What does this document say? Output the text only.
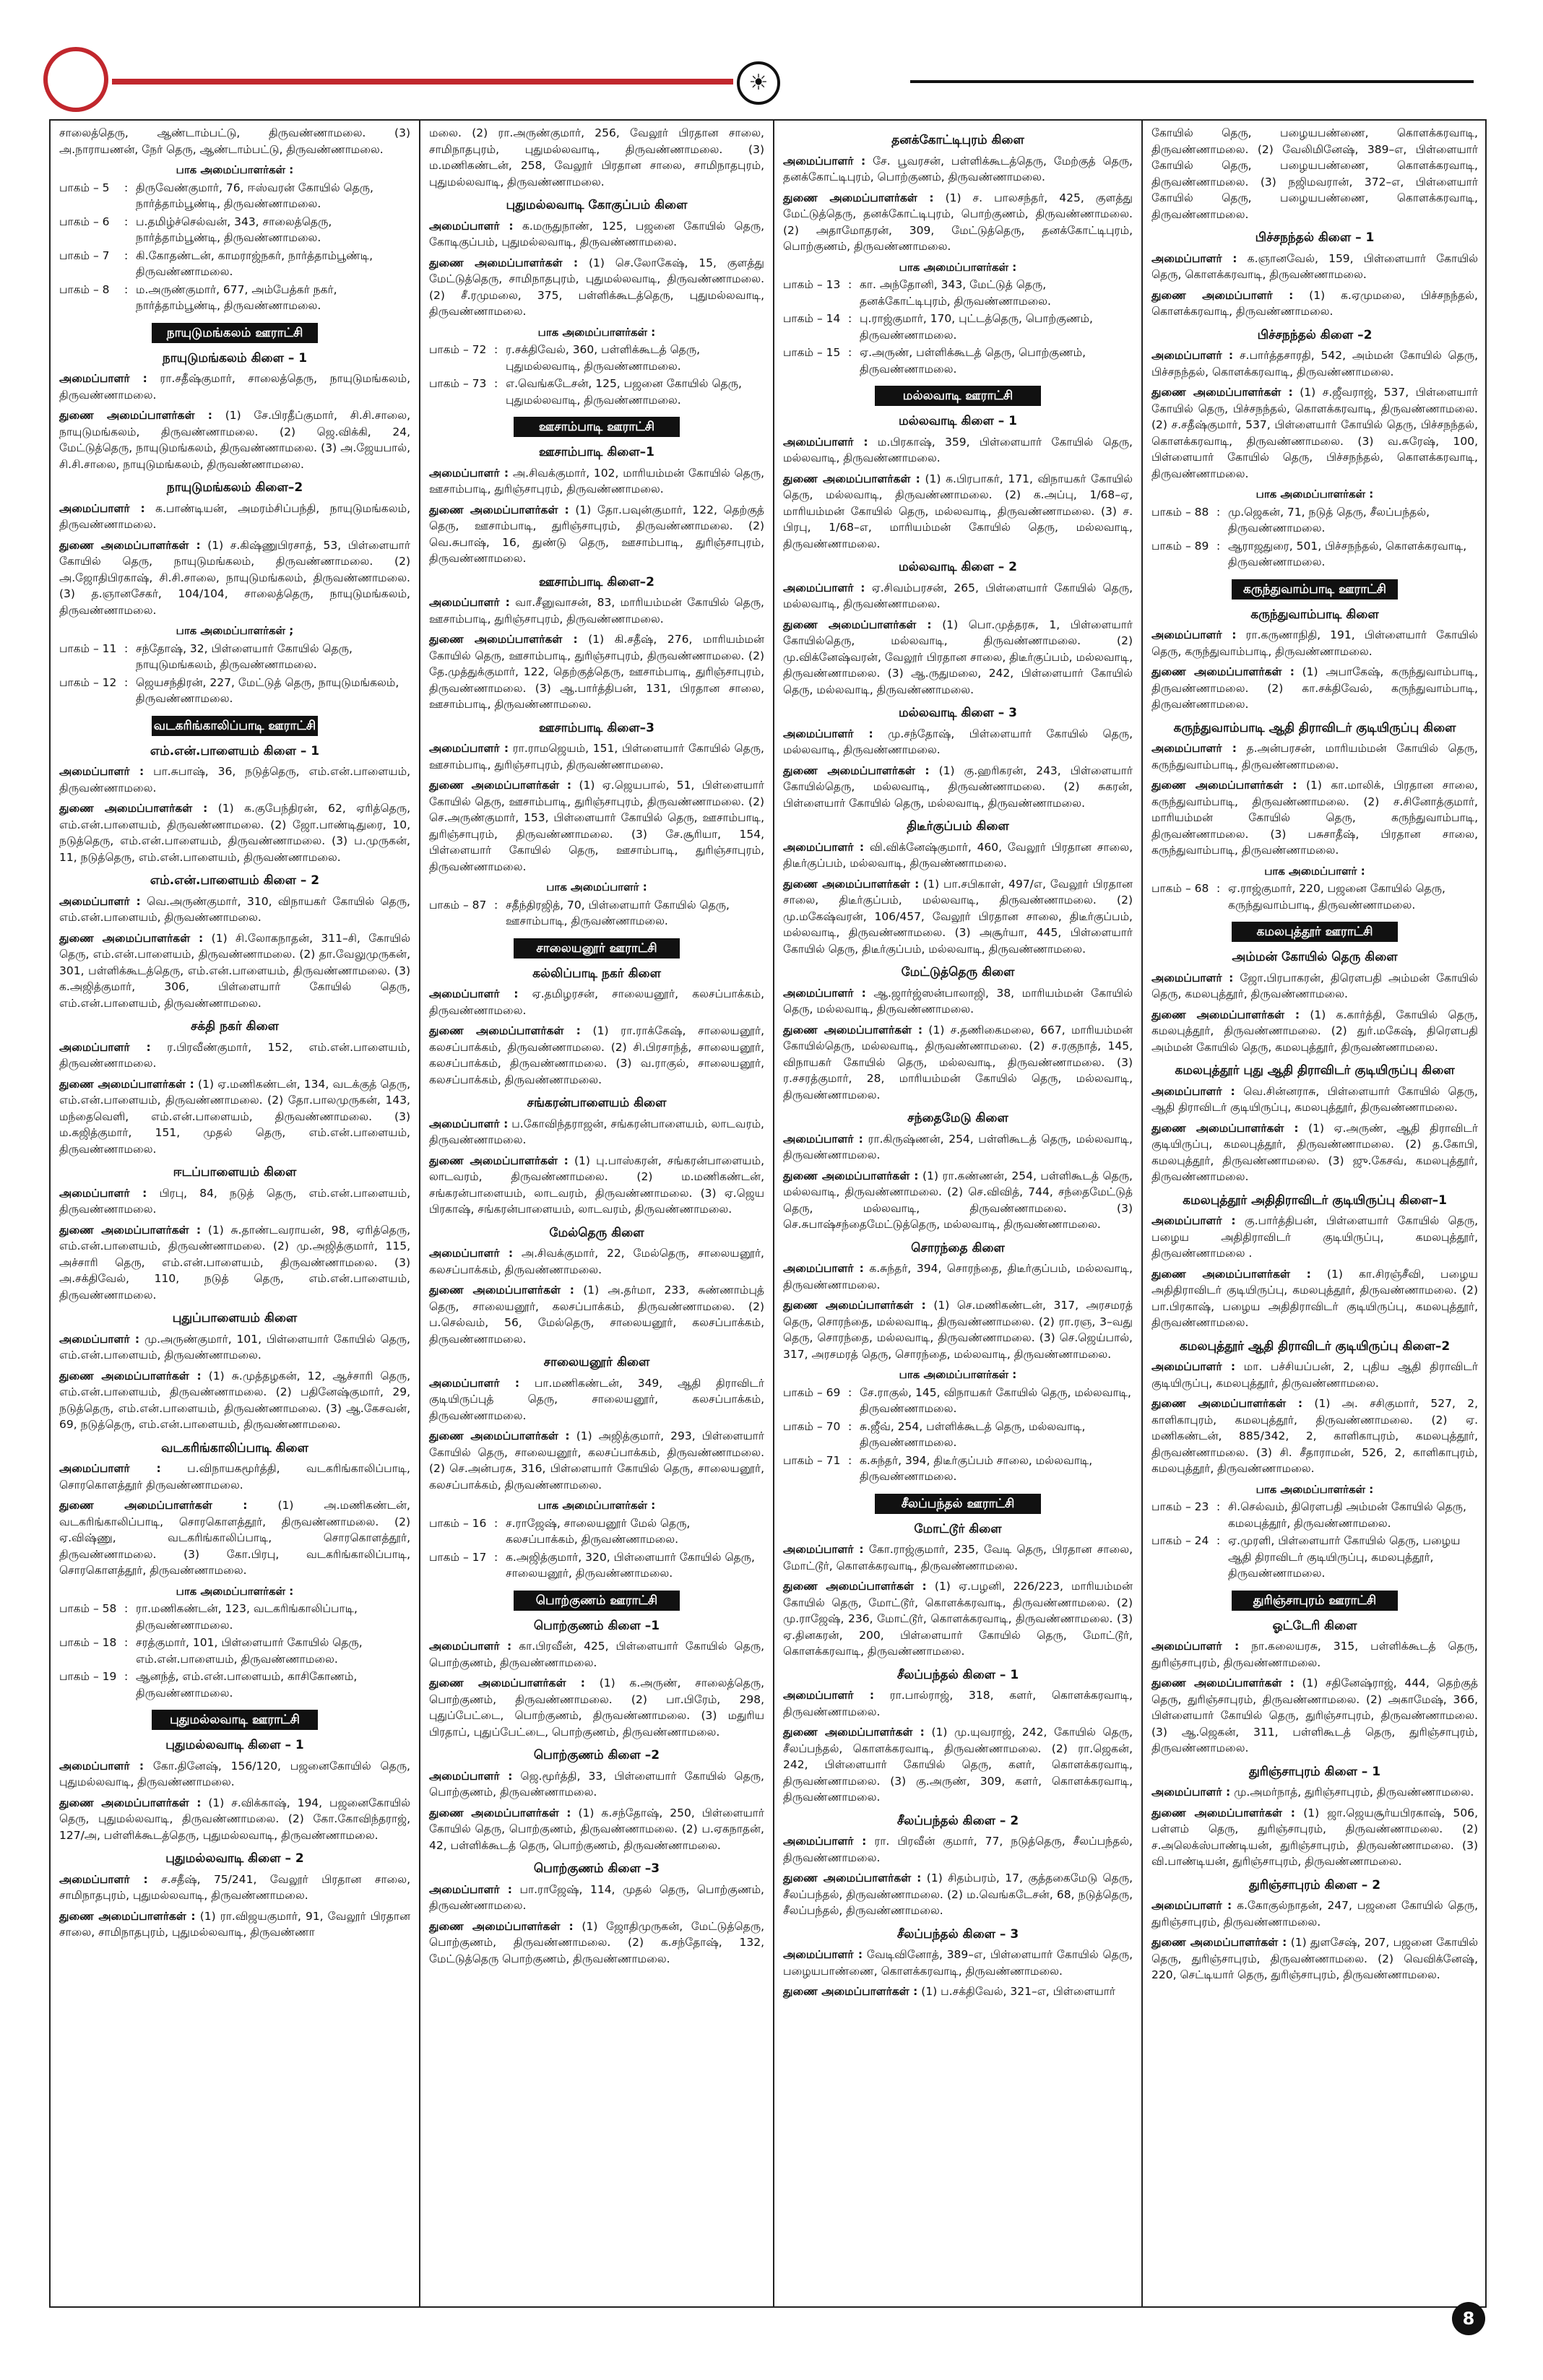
☀
சாலைத்தெரு, ஆண்டாம்பட்டு, திருவண்ணாமலை. (3) அ.நாராயணன், நேர் தெரு, ஆண்டாம்பட்டு, திருவண்ணாமலை.
பாக அமைப்பாளர்கள் :
பாகம் – 5	: திருவேண்குமார், 76, ஈஸ்வரன் கோயில் தெரு, நார்த்தாம்பூண்டி, திருவண்ணாமலை.
பாகம் – 6	: ப.தமிழ்ச்செல்வன், 343, சாலைத்தெரு, நார்த்தாம்பூண்டி, திருவண்ணாமலை.
பாகம் – 7	: கி.கோதண்டன், காமராஜ்நகர், நார்த்தாம்பூண்டி, திருவண்ணாமலை.
பாகம் – 8	: ம.அருண்குமார், 677, அம்பேத்கர் நகர், நார்த்தாம்பூண்டி, திருவண்ணாமலை.
நாயுடுமங்கலம் ஊராட்சி
நாயுடுமங்கலம் கிளை – 1
அமைப்பாளர் : ரா.சதீஷ்குமார், சாலைத்தெரு, நாயுடுமங்கலம், திருவண்ணாமலை.
துணை அமைப்பாளர்கள் : (1) சே.பிரதீப்குமார், சி.சி.சாலை, நாயுடுமங்கலம், திருவண்ணாமலை. (2) ஜெ.விக்கி, 24, மேட்டுத்தெரு, நாயுடுமங்கலம், திருவண்ணாமலை. (3) அ.ஜேயபால், சி.சி.சாலை, நாயுடுமங்கலம், திருவண்ணாமலை.
நாயுடுமங்கலம் கிளை–2
அமைப்பாளர் : க.பாண்டியன், அமரம்சிப்பந்தி, நாயுடுமங்கலம், திருவண்ணாமலை.
துணை அமைப்பாளர்கள் : (1) ச.கிஷ்ணுபிரசாத், 53, பிள்ளையார் கோயில் தெரு, நாயுடுமங்கலம், திருவண்ணாமலை. (2) அ.ஜோதிபிரகாஷ், சி.சி.சாலை, நாயுடுமங்கலம், திருவண்ணாமலை. (3) த.ஞானசேகர், 104/104, சாலைத்தெரு, நாயுடுமங்கலம், திருவண்ணாமலை.
பாக அமைப்பாளர்கள் ;
பாகம் – 11 : சந்தோஷ், 32, பிள்ளையார் கோயில் தெரு, நாயுடுமங்கலம், திருவண்ணாமலை.
பாகம் – 12 : ஜெயசந்திரன், 227, மேட்டுத் தெரு, நாயுடுமங்கலம், திருவண்ணாமலை.
வடகரிங்காலிப்பாடி ஊராட்சி
எம்.என்.பாளையம் கிளை – 1
அமைப்பாளர் : பா.சுபாஷ், 36, நடுத்தெரு, எம்.என்.பாளையம், திருவண்ணாமலை.
துணை அமைப்பாளர்கள் : (1) க.குபேந்திரன், 62, ஏரித்தெரு, எம்.என்.பாளையம், திருவண்ணாமலை. (2) ஜோ.பாண்டிதுரை, 10, நடுத்தெரு, எம்.என்.பாளையம், திருவண்ணாமலை. (3) ப.முருகன், 11, நடுத்தெரு, எம்.என்.பாளையம், திருவண்ணாமலை.
எம்.என்.பாளையம் கிளை – 2
அமைப்பாளர் : வெ.அருண்குமார், 310, விநாயகர் கோயில் தெரு, எம்.என்.பாளையம், திருவண்ணாமலை.
துணை அமைப்பாளர்கள் : (1) சி.லோகநாதன், 311–சி, கோயில் தெரு, எம்.என்.பாளையம், திருவண்ணாமலை. (2) தா.வேலுமுருகன், 301, பள்ளிக்கூடத்தெரு, எம்.என்.பாளையம், திருவண்ணாமலை. (3) க.அஜித்குமார், 306, பிள்ளையார் கோயில் தெரு, எம்.என்.பாளையம், திருவண்ணாமலை.
சக்தி நகர் கிளை
அமைப்பாளர் : ர.பிரவீண்குமார், 152, எம்.என்.பாளையம், திருவண்ணாமலை.
துணை அமைப்பாளர்கள் : (1) ஏ.மணிகண்டன், 134, வடக்குத் தெரு, எம்.என்.பாளையம், திருவண்ணாமலை. (2) தோ.பாலமுருகன், 143, மந்தைவெளி, எம்.என்.பாளையம், திருவண்ணாமலை. (3) ம.கஜித்குமார், 151, முதல் தெரு, எம்.என்.பாளையம், திருவண்ணாமலை.
ஈடப்பாளையம் கிளை
அமைப்பாளர் : பிரபு, 84, நடுத் தெரு, எம்.என்.பாளையம், திருவண்ணாமலை.
துணை அமைப்பாளர்கள் : (1) சு.தாண்டவராயன், 98, ஏரித்தெரு, எம்.என்.பாளையம், திருவண்ணாமலை. (2) மு.அஜித்குமார், 115, அச்சாரி தெரு, எம்.என்.பாளையம், திருவண்ணாமலை. (3) அ.சக்திவேல், 110, நடுத் தெரு, எம்.என்.பாளையம், திருவண்ணாமலை.
புதுப்பாளையம் கிளை
அமைப்பாளர் : மு.அருண்குமார், 101, பிள்ளையார் கோயில் தெரு, எம்.என்.பாளையம், திருவண்ணாமலை.
துணை அமைப்பாளர்கள் : (1) சு.முத்தழகன், 12, ஆச்சாரி தெரு, எம்.என்.பாளையம், திருவண்ணாமலை. (2) பதினேஷ்குமார், 29, நடுத்தெரு, எம்.என்.பாளையம், திருவண்ணாமலை. (3) ஆ.கேசவன், 69, நடுத்தெரு, எம்.என்.பாளையம், திருவண்ணாமலை.
வடகரிங்காலிப்பாடி கிளை
அமைப்பாளர் : ப.விநாயகமூர்த்தி, வடகரிங்காலிப்பாடி, சொரகொளத்தூர் திருவண்ணாமலை.
துணை அமைப்பாளர்கள் :	(1) அ.மணிகண்டன், வடகரிங்காலிப்பாடி, சொரகொளத்தூர், திருவண்ணாமலை. (2) ஏ.விஷ்ணு, வடகரிங்காலிப்பாடி, சொரகொளத்தூர், திருவண்ணாமலை. (3) கோ.பிரபு, வடகரிங்காலிப்பாடி, சொரகொளத்தூர், திருவண்ணாமலை.
பாக அமைப்பாளர்கள் :
பாகம் – 58 : ரா.மணிகண்டன், 123, வடகரிங்காலிப்பாடி, திருவண்ணாமலை.
பாகம் – 18 : சரத்குமார், 101, பிள்ளையார் கோயில் தெரு, எம்.என்.பாளையம், திருவண்ணாமலை.
பாகம் – 19 : ஆனந்த், எம்.என்.பாளையம், காசிகோணம், திருவண்ணாமலை.
புதுமல்லவாடி ஊராட்சி
புதுமல்லவாடி கிளை – 1
அமைப்பாளர் : கோ.தினேஷ், 156/120, பஜனைகோயில் தெரு, புதுமல்லவாடி, திருவண்ணாமலை.
துணை அமைப்பாளர்கள் : (1) ச.விக்காஷ், 194, பஜனைகோயில் தெரு, புதுமல்லவாடி, திருவண்ணாமலை. (2) கோ.கோவிந்தராஜ், 127/அ, பள்ளிக்கூடத்தெரு, புதுமல்லவாடி, திருவண்ணாமலை.
புதுமல்லவாடி கிளை – 2
அமைப்பாளர் : ச.சதீஷ், 75/241, வேலூர் பிரதான சாலை, சாமிநாதபுரம், புதுமல்லவாடி, திருவண்ணாமலை.
துணை அமைப்பாளர்கள் : (1) ரா.விஜயகுமார், 91, வேலூர் பிரதான சாலை, சாமிநாதபுரம், புதுமல்லவாடி, திருவண்ணா
மலை. (2) ரா.அருண்குமார், 256, வேலூர் பிரதான சாலை, சாமிநாதபுரம், புதுமல்லவாடி, திருவண்ணாமலை. (3) ம.மணிகண்டன், 258, வேலூர் பிரதான சாலை, சாமிநாதபுரம், புதுமல்லவாடி, திருவண்ணாமலை.
புதுமல்லவாடி கோகுப்பம் கிளை
அமைப்பாளர் : க.மருதுநாண், 125, பஜனை கோயில் தெரு, கோடிகுப்பம், புதுமல்லவாடி, திருவண்ணாமலை.
துணை அமைப்பாளர்கள் : (1) செ.லோகேஷ், 15, குளத்து மேட்டுத்தெரு, சாமிநாதபுரம், புதுமல்லவாடி, திருவண்ணாமலை. (2) சீ.ரமுமலை, 375, பள்ளிக்கூடத்தெரு, புதுமல்லவாடி, திருவண்ணாமலை.
பாக அமைப்பாளர்கள் :
பாகம் – 72 : ர.சக்திவேல், 360, பள்ளிக்கூடத் தெரு, புதுமல்லவாடி, திருவண்ணாமலை.
பாகம் – 73 : எ.வெங்கடேசன், 125, பஜனை கோயில் தெரு, புதுமல்லவாடி, திருவண்ணாமலை.
ஊசாம்பாடி ஊராட்சி
ஊசாம்பாடி கிளை–1
அமைப்பாளர் : அ.சிவக்குமார், 102, மாரியம்மன் கோயில் தெரு, ஊசாம்பாடி, துரிஞ்சாபுரம், திருவண்ணாமலை.
துணை அமைப்பாளர்கள் : (1) தோ.பவுன்குமார், 122, தெற்குத் தெரு, ஊசாம்பாடி, துரிஞ்சாபுரம், திருவண்ணாமலை. (2) வெ.சுபாஷ், 16, துண்டு தெரு, ஊசாம்பாடி, துரிஞ்சாபுரம், திருவண்ணாமலை.
ஊசாம்பாடி கிளை–2
அமைப்பாளர் : வா.சீனுவாசன், 83, மாரியம்மன் கோயில் தெரு, ஊசாம்பாடி, துரிஞ்சாபுரம், திருவண்ணாமலை.
துணை அமைப்பாளர்கள் : (1) கி.சதீஷ், 276, மாரியம்மன் கோயில் தெரு, ஊசாம்பாடி, துரிஞ்சாபுரம், திருவண்ணாமலை. (2) தே.முத்துக்குமார், 122, தெற்குத்தெரு, ஊசாம்பாடி, துரிஞ்சாபுரம், திருவண்ணாமலை. (3) ஆ.பார்த்திபன், 131, பிரதான சாலை, ஊசாம்பாடி, திருவண்ணாமலை.
ஊசாம்பாடி கிளை–3
அமைப்பாளர் : ரா.ராமஜெயம், 151, பிள்ளையார் கோயில் தெரு, ஊசாம்பாடி, துரிஞ்சாபுரம், திருவண்ணாமலை.
துணை அமைப்பாளர்கள் : (1) ஏ.ஜெயபால், 51, பிள்ளையார் கோயில் தெரு, ஊசாம்பாடி, துரிஞ்சாபுரம், திருவண்ணாமலை. (2) செ.அருண்குமார், 153, பிள்ளையார் கோயில் தெரு, ஊசாம்பாடி, துரிஞ்சாபுரம், திருவண்ணாமலை. (3) சே.சூரியா, 154, பிள்ளையார் கோயில் தெரு, ஊசாம்பாடி, துரிஞ்சாபுரம், திருவண்ணாமலை.
பாக அமைப்பாளர் :
பாகம் – 87 : சதீந்திரஜித், 70, பிள்ளையார் கோயில் தெரு, ஊசாம்பாடி, திருவண்ணாமலை.
சாலையனூர் ஊராட்சி
கல்லிப்பாடி நகர் கிளை
அமைப்பாளர் : ஏ.தமிழரசன், சாலையனூர், கலசப்பாக்கம், திருவண்ணாமலை.
துணை அமைப்பாளர்கள் : (1) ரா.ராக்கேஷ், சாலையனூர், கலசப்பாக்கம், திருவண்ணாமலை. (2) சி.பிரசாந்த், சாலையனூர், கலசப்பாக்கம், திருவண்ணாமலை. (3) வ.ராகுல், சாலையனூர், கலசப்பாக்கம், திருவண்ணாமலை.
சங்கரன்பாளையம் கிளை
அமைப்பாளர் : ப.கோவிந்தராஜன், சங்கரன்பாளையம், லாடவரம், திருவண்ணாமலை.
துணை அமைப்பாளர்கள் : (1) பு.பாஸ்கரன், சங்கரன்பாளையம், லாடவரம், திருவண்ணாமலை. (2) ம.மணிகண்டன், சங்கரன்பாளையம், லாடவரம், திருவண்ணாமலை. (3) ஏ.ஜெய பிரகாஷ், சங்கரன்பாளையம், லாடவரம், திருவண்ணாமலை.
மேல்தெரு கிளை
அமைப்பாளர் : அ.சிவக்குமார், 22, மேல்தெரு, சாலையனூர், கலசப்பாக்கம், திருவண்ணாமலை.
துணை அமைப்பாளர்கள் : (1) அ.தர்மா, 233, சுண்ணாம்புத் தெரு, சாலையனூர், கலசப்பாக்கம், திருவண்ணாமலை. (2) ப.செல்வம், 56, மேல்தெரு, சாலையனூர், கலசப்பாக்கம், திருவண்ணாமலை.
சாலையனூர் கிளை
அமைப்பாளர் : பா.மணிகண்டன், 349, ஆதி திராவிடர் குடியிருப்புத் தெரு, சாலையனூர், கலசப்பாக்கம், திருவண்ணாமலை.
துணை அமைப்பாளர்கள் : (1) அஜித்குமார், 293, பிள்ளையார் கோயில் தெரு, சாலையனூர், கலசப்பாக்கம், திருவண்ணாமலை. (2) செ.அன்பரசு, 316, பிள்ளையார் கோயில் தெரு, சாலையனூர், கலசப்பாக்கம், திருவண்ணாமலை.
பாக அமைப்பாளர்கள் :
பாகம் – 16 : ச.ராஜேஷ், சாலையனூர் மேல் தெரு, கலசப்பாக்கம், திருவண்ணாமலை.
பாகம் – 17 : க.அஜித்குமார், 320, பிள்ளையார் கோயில் தெரு, சாலையனூர், திருவண்ணாமலை.
பொற்குணம் ஊராட்சி
பொற்குணம் கிளை –1
அமைப்பாளர் : கா.பிரவீன், 425, பிள்ளையார் கோயில் தெரு, பொற்குணம், திருவண்ணாமலை.
துணை அமைப்பாளர்கள் : (1) க.அருண், சாலைத்தெரு, பொற்குணம், திருவண்ணாமலை. (2) பா.பிரேம், 298, புதுப்பேட்டை, பொற்குணம், திருவண்ணாமலை. (3) மதுரிய பிரதாப், புதுப்பேட்டை, பொற்குணம், திருவண்ணாமலை.
பொற்குணம் கிளை –2
அமைப்பாளர் : ஜெ.மூர்த்தி, 33, பிள்ளையார் கோயில் தெரு, பொற்குணம், திருவண்ணாமலை.
துணை அமைப்பாளர்கள் : (1) க.சந்தோஷ், 250, பிள்ளையார் கோயில் தெரு, பொற்குணம், திருவண்ணாமலை. (2) ப.ஏகநாதன், 42, பள்ளிக்கூடத் தெரு, பொற்குணம், திருவண்ணாமலை.
பொற்குணம் கிளை –3
அமைப்பாளர் : பா.ராஜேஷ், 114, முதல் தெரு, பொற்குணம், திருவண்ணாமலை.
துணை அமைப்பாளர்கள் : (1) ஜோதிமுருகன், மேட்டுத்தெரு, பொற்குணம், திருவண்ணாமலை. (2) க.சந்தோஷ், 132, மேட்டுத்தெரு பொற்குணம், திருவண்ணாமலை.
தனக்கோட்டிபுரம் கிளை
அமைப்பாளர் : சே. பூவரசன், பள்ளிக்கூடத்தெரு, மேற்குத் தெரு, தனக்கோட்டிபுரம், பொற்குணம், திருவண்ணாமலை.
துணை அமைப்பாளர்கள் : (1) ச. பாலசந்தர், 425, குளத்து மேட்டுத்தெரு, தனக்கோட்டிபுரம், பொற்குணம், திருவண்ணாமலை. (2) அதாமோதரன், 309, மேட்டுத்தெரு, தனக்கோட்டிபுரம், பொற்குணம், திருவண்ணாமலை.
பாக அமைப்பாளர்கள் :
பாகம் – 13 : கா. அந்தோனி, 343, மேட்டுத் தெரு, தனக்கோட்டிபுரம், திருவண்ணாமலை.
பாகம் – 14 : பு.ராஜ்குமார், 170, புட்டத்தெரு, பொற்குணம், திருவண்ணாமலை.
பாகம் – 15 : ஏ.அருண், பள்ளிக்கூடத் தெரு, பொற்குணம், திருவண்ணாமலை.
மல்லவாடி ஊராட்சி
மல்லவாடி கிளை – 1
அமைப்பாளர் : ம.பிரகாஷ், 359, பிள்ளையார் கோயில் தெரு, மல்லவாடி, திருவண்ணாமலை.
துணை அமைப்பாளர்கள் : (1) க.பிரபாகர், 171, விநாயகர் கோயில் தெரு, மல்லவாடி, திருவண்ணாமலை. (2) க.அப்பு, 1/68–ஏ, மாரியம்மன் கோயில் தெரு, மல்லவாடி, திருவண்ணாமலை. (3) ச. பிரபு, 1/68–எ, மாரியம்மன் கோயில் தெரு, மல்லவாடி, திருவண்ணாமலை.
மல்லவாடி கிளை – 2
அமைப்பாளர் : ஏ.சிவம்பரசன், 265, பிள்ளையார் கோயில் தெரு, மல்லவாடி, திருவண்ணாமலை.
துணை அமைப்பாளர்கள் : (1) பொ.முத்தரசு, 1, பிள்ளையார் கோயில்தெரு, மல்லவாடி, திருவண்ணாமலை. (2) மு.விக்னேஷ்வரன், வேலூர் பிரதான சாலை, திடீர்குப்பம், மல்லவாடி, திருவண்ணாமலை. (3) ஆ.ருதுமலை, 242, பிள்ளையார் கோயில் தெரு, மல்லவாடி, திருவண்ணாமலை.
மல்லவாடி கிளை – 3
அமைப்பாளர் : மு.சந்தோஷ், பிள்ளையார் கோயில் தெரு, மல்லவாடி, திருவண்ணாமலை.
துணை அமைப்பாளர்கள் : (1) கு.ஹரிகரன், 243, பிள்ளையார் கோயில்தெரு, மல்லவாடி, திருவண்ணாமலை. (2) சுகரன், பிள்ளையார் கோயில் தெரு, மல்லவாடி, திருவண்ணாமலை.
திடீர்குப்பம் கிளை
அமைப்பாளர் : வி.விக்னேஷ்குமார், 460, வேலூர் பிரதான சாலை, திடீர்குப்பம், மல்லவாடி, திருவண்ணாமலை.
துணை அமைப்பாளர்கள் : (1) பா.சபிகாள், 497/எ, வேலூர் பிரதான சாலை, திடீர்குப்பம், மல்லவாடி, திருவண்ணாமலை. (2) மு.மகேஷ்வரன், 106/457, வேலூர் பிரதான சாலை, திடீர்குப்பம், மல்லவாடி, திருவண்ணாமலை. (3) அசூர்யா, 445, பிள்ளையார் கோயில் தெரு, திடீர்குப்பம், மல்லவாடி, திருவண்ணாமலை.
மேட்டுத்தெரு கிளை
அமைப்பாளர் : ஆ.ஜார்ஜ்ஸன்பாலாஜி, 38, மாரியம்மன் கோயில் தெரு, மல்லவாடி, திருவண்ணாமலை.
துணை அமைப்பாளர்கள் : (1) ச.தணிகைமலை, 667, மாரியம்மன் கோயில்தெரு, மல்லவாடி, திருவண்ணாமலை. (2) ச.ரகுநாத், 145, விநாயகர் கோயில் தெரு, மல்லவாடி, திருவண்ணாமலை. (3) ர.சசரத்குமார், 28, மாரியம்மன் கோயில் தெரு, மல்லவாடி, திருவண்ணாமலை.
சந்தைமேடு கிளை
அமைப்பாளர் : ரா.கிருஷ்ணன், 254, பள்ளிகூடத் தெரு, மல்லவாடி, திருவண்ணாமலை.
துணை அமைப்பாளர்கள் : (1) ரா.கண்ணன், 254, பள்ளிகூடத் தெரு, மல்லவாடி, திருவண்ணாமலை. (2) செ.விவித், 744, சந்தைமேட்டுத் தெரு, மல்லவாடி, திருவண்ணாமலை. (3) செ.சுபாஷ்சந்தைமேட்டுத்தெரு, மல்லவாடி, திருவண்ணாமலை.
சொரந்தை கிளை
அமைப்பாளர் : க.சுந்தர், 394, சொரந்தை, திடீர்குப்பம், மல்லவாடி, திருவண்ணாமலை.
துணை அமைப்பாளர்கள் : (1) செ.மணிகண்டன், 317, அரசமரத் தெரு, சொரந்தை, மல்லவாடி, திருவண்ணாமலை. (2) ரா.ரஞ, 3–வது தெரு, சொரந்தை, மல்லவாடி, திருவண்ணாமலை. (3) செ.ஜெய்பால், 317, அரசமரத் தெரு, சொரந்தை, மல்லவாடி, திருவண்ணாமலை.
பாக அமைப்பாளர்கள் :
பாகம் – 69 : சே.ராகுல், 145, விநாயகர் கோயில் தெரு, மல்லவாடி, திருவண்ணாமலை.
பாகம் – 70 : சு.ஜீவ், 254, பள்ளிக்கூடத் தெரு, மல்லவாடி, திருவண்ணாமலை.
பாகம் – 71 : க.சுந்தர், 394, திடீர்குப்பம் சாலை, மல்லவாடி, திருவண்ணாமலை.
சீலப்பந்தல் ஊராட்சி
மோட்டூர் கிளை
அமைப்பாளர் : கோ.ராஜ்குமார், 235, வேடி தெரு, பிரதான சாலை, மோட்டூர், கொளக்கரவாடி, திருவண்ணாமலை.
துணை அமைப்பாளர்கள் : (1) ஏ.பழனி, 226/223, மாரியம்மன் கோயில் தெரு, மோட்டூர், கொளக்கரவாடி, திருவண்ணாமலை. (2) மு.ராஜேஷ், 236, மோட்டூர், கொளக்கரவாடி, திருவண்ணாமலை. (3) ஏ.தினகரன், 200, பிள்ளையார் கோயில் தெரு, மோட்டூர், கொளக்கரவாடி, திருவண்ணாமலை.
சீலப்பந்தல் கிளை – 1
அமைப்பாளர் : ரா.பால்ராஜ், 318, களர், கொளக்கரவாடி, திருவண்ணாமலை.
துணை அமைப்பாளர்கள் : (1) மு.யுவராஜ், 242, கோயில் தெரு, சீலப்பந்தல், கொளக்கரவாடி, திருவண்ணாமலை. (2) ரா.ஜெகன், 242, பிள்ளையார் கோயில் தெரு, களர், கொளக்கரவாடி, திருவண்ணாமலை. (3) கு.அருண், 309, களர், கொளக்கரவாடி, திருவண்ணாமலை.
சீலப்பந்தல் கிளை – 2
அமைப்பாளர் : ரா. பிரவீன் குமார், 77, நடுத்தெரு, சீலப்பந்தல், திருவண்ணாமலை.
துணை அமைப்பாளர்கள் : (1) சிதம்பரம், 17, குத்தகைமேடு தெரு, சீலப்பந்தல், திருவண்ணாமலை. (2) ம.வெங்கடேசன், 68, நடுத்தெரு, சீலப்பந்தல், திருவண்ணாமலை.
சீலப்பந்தல் கிளை – 3
அமைப்பாளர் : வேடிவினோத், 389–எ, பிள்ளையார் கோயில் தெரு, பழையபாண்ணை, கொளக்கரவாடி, திருவண்ணாமலை.
துணை அமைப்பாளர்கள் : (1) ப.சக்திவேல், 321–எ, பிள்ளையார்
கோயில் தெரு, பழையபண்ணை, கொளக்கரவாடி, திருவண்ணாமலை. (2) வேலிமினேஷ், 389–எ, பிள்ளையார் கோயில் தெரு, பழையபண்ணை, கொளக்கரவாடி, திருவண்ணாமலை. (3) நஜிமவரான், 372–எ, பிள்ளையார் கோயில் தெரு, பழையபண்ணை, கொளக்கரவாடி, திருவண்ணாமலை.
பிச்சநந்தல் கிளை – 1
அமைப்பாளர் : க.ஞானவேல், 159, பிள்ளையார் கோயில் தெரு, கொளக்கரவாடி, திருவண்ணாமலை.
துணை அமைப்பாளர் : (1) க.ஏமுமலை, பிச்சநந்தல், கொளக்கரவாடி, திருவண்ணாமலை.
பிச்சநந்தல் கிளை –2
அமைப்பாளர் : ச.பார்த்தசாரதி, 542, அம்மன் கோயில் தெரு, பிச்சநந்தல், கொளக்கரவாடி, திருவண்ணாமலை.
துணை அமைப்பாளர்கள் : (1) ச.ஜீவராஜ், 537, பிள்ளையார் கோயில் தெரு, பிச்சநந்தல், கொளக்கரவாடி, திருவண்ணாமலை. (2) ச.சதீஷ்குமார், 537, பிள்ளையார் கோயில் தெரு, பிச்சநந்தல், கொளக்கரவாடி, திருவண்ணாமலை. (3) வ.சுரேஷ், 100, பிள்ளையார் கோயில் தெரு, பிச்சநந்தல், கொளக்கரவாடி, திருவண்ணாமலை.
பாக அமைப்பாளர்கள் :
பாகம் – 88 : மு.ஜெகன், 71, நடுத் தெரு, சீலப்பந்தல், திருவண்ணாமலை.
பாகம் – 89 : ஆராஜதுரை, 501, பிச்சநந்தல், கொளக்கரவாடி, திருவண்ணாமலை.
கருந்துவாம்பாடி ஊராட்சி
கருந்துவாம்பாடி கிளை
அமைப்பாளர் : ரா.கருணாநிதி, 191, பிள்ளையார் கோயில் தெரு, கருந்துவாம்பாடி, திருவண்ணாமலை.
துணை அமைப்பாளர்கள் : (1) அபாகேஷ், கருந்துவாம்பாடி, திருவண்ணாமலை. (2) கா.சக்திவேல், கருந்துவாம்பாடி, திருவண்ணாமலை.
கருந்துவாம்பாடி ஆதி திராவிடர் குடியிருப்பு கிளை
அமைப்பாளர் : த.அன்பரசன், மாரியம்மன் கோயில் தெரு, கருந்துவாம்பாடி, திருவண்ணாமலை.
துணை அமைப்பாளர்கள் : (1) கா.மாலிக், பிரதான சாலை, கருந்துவாம்பாடி, திருவண்ணாமலை. (2) ச.சினோத்குமார், மாரியம்மன் கோயில் தெரு, கருந்துவாம்பாடி, திருவண்ணாமலை. (3) பசுசாதீஷ், பிரதான சாலை, கருந்துவாம்பாடி, திருவண்ணாமலை.
பாக அமைப்பாளர் :
பாகம் – 68 : ஏ.ராஜ்குமார், 220, பஜனை கோயில் தெரு, கருந்துவாம்பாடி, திருவண்ணாமலை.
கமலபுத்தூர் ஊராட்சி
அம்மன் கோயில் தெரு கிளை
அமைப்பாளர் : ஜோ.பிரபாகரன், திரௌபதி அம்மன் கோயில் தெரு, கமலபுத்தூர், திருவண்ணாமலை.
துணை அமைப்பாளர்கள் : (1) க.கார்த்தி, கோயில் தெரு, கமலபுத்தூர், திருவண்ணாமலை. (2) துர்.மகேஷ், திரௌபதி அம்மன் கோயில் தெரு, கமலபுத்தூர், திருவண்ணாமலை.
கமலபுத்தூர் புது ஆதி திராவிடர் குடியிருப்பு கிளை
அமைப்பாளர் : வெ.சின்னராசு, பிள்ளையார் கோயில் தெரு, ஆதி திராவிடர் குடியிருப்பு, கமலபுத்தூர், திருவண்ணாமலை.
துணை அமைப்பாளர்கள் : (1) ஏ.அருண், ஆதி திராவிடர் குடியிருப்பு, கமலபுத்தூர், திருவண்ணாமலை. (2) த.கோபி, கமலபுத்தூர், திருவண்ணாமலை. (3) ஜு.கேசவ், கமலபுத்தூர், திருவண்ணாமலை.
கமலபுத்தூர் அதிதிராவிடர் குடியிருப்பு கிளை–1
அமைப்பாளர் : கு.பார்த்திபன், பிள்ளையார் கோயில் தெரு, பழைய அதிதிராவிடர் குடியிருப்பு, கமலபுத்தூர், திருவண்ணாமலை .
துணை அமைப்பாளர்கள் : (1) கா.சிரஞ்சீவி, பழைய அதிதிராவிடர் குடியிருப்பு, கமலபுத்தூர், திருவண்ணாமலை. (2) பா.பிரகாஷ், பழைய அதிதிராவிடர் குடியிருப்பு, கமலபுத்தூர், திருவண்ணாமலை.
கமலபுத்தூர் ஆதி திராவிடர் குடியிருப்பு கிளை–2
அமைப்பாளர் : மா. பச்சியப்பன், 2, புதிய ஆதி திராவிடர் குடியிருப்பு, கமலபுத்தூர், திருவண்ணாமலை.
துணை அமைப்பாளர்கள் : (1) அ. சசிகுமார், 527, 2, காளிகாபுரம், கமலபுத்தூர், திருவண்ணாமலை. (2) ஏ. மணிகண்டன், 885/342, 2, காளிகாபுரம், கமலபுத்தூர், திருவண்ணாமலை. (3) சி. சீதாராமன், 526, 2, காளிகாபுரம், கமலபுத்தூர், திருவண்ணாமலை.
பாக அமைப்பாளர்கள் :
பாகம் – 23 : சி.செல்வம், திரௌபதி அம்மன் கோயில் தெரு, கமலபுத்தூர், திருவண்ணாமலை.
பாகம் – 24 : ஏ.முரளி, பிள்ளையார் கோயில் தெரு, பழைய ஆதி திராவிடர் குடியிருப்பு, கமலபுத்தூர், திருவண்ணாமலை.
துரிஞ்சாபுரம் ஊராட்சி
ஓட்டேரி கிளை
அமைப்பாளர் : நா.கலையரசு, 315, பள்ளிக்கூடத் தெரு, துரிஞ்சாபுரம், திருவண்ணாமலை.
துணை அமைப்பாளர்கள் : (1) சதினேஷ்ராஜ், 444, தெற்குத் தெரு, துரிஞ்சாபுரம், திருவண்ணாமலை. (2) அகாமேஷ், 366, பிள்ளையார் கோயில் தெரு, துரிஞ்சாபுரம், திருவண்ணாமலை. (3) ஆ.ஜெகன், 311, பள்ளிகூடத் தெரு, துரிஞ்சாபுரம், திருவண்ணாமலை.
துரிஞ்சாபுரம் கிளை – 1
அமைப்பாளர் : மு.அமர்நாத், துரிஞ்சாபுரம், திருவண்ணாமலை.
துணை அமைப்பாளர்கள் : (1) ஜா.ஜெயசூர்யபிரகாஷ், 506, பள்ளம் தெரு, துரிஞ்சாபுரம், திருவண்ணாமலை. (2) ச.அலெக்ஸ்பாண்டியன், துரிஞ்சாபுரம், திருவண்ணாமலை. (3) வி.பாண்டியன், துரிஞ்சாபுரம், திருவண்ணாமலை.
துரிஞ்சாபுரம் கிளை – 2
அமைப்பாளர் : க.கோகுல்நாதன், 247, பஜனை கோயில் தெரு, துரிஞ்சாபுரம், திருவண்ணாமலை.
துணை அமைப்பாளர்கள் : (1) துளசேஷ், 207, பஜனை கோயில் தெரு, துரிஞ்சாபுரம், திருவண்ணாமலை. (2) வெவிக்னேஷ், 220, செட்டியார் தெரு, துரிஞ்சாபுரம், திருவண்ணாமலை.
8
